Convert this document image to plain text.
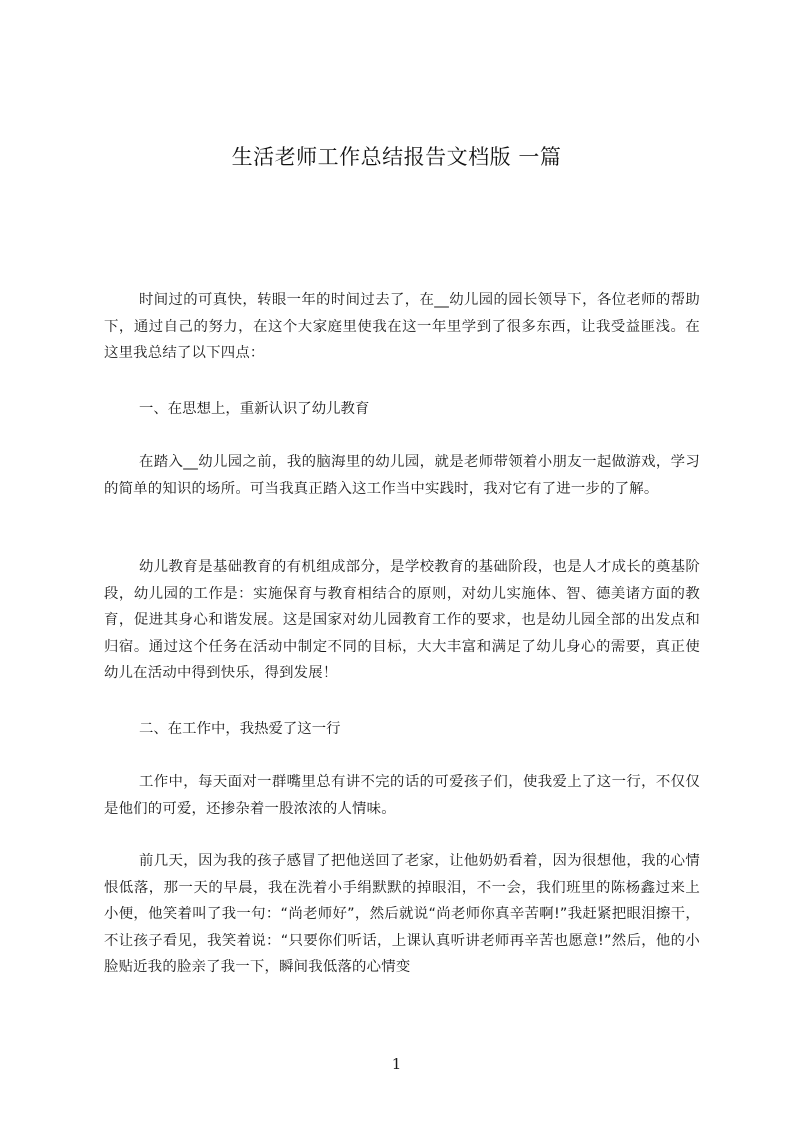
生活老师工作总结报告文档版 一篇

时间过的可真快，转眼一年的时间过去了，在__幼儿园的园长领导下，各位老师的帮助下，通过自己的努力，在这个大家庭里使我在这一年里学到了很多东西，让我受益匪浅。在这里我总结了以下四点：

一、在思想上，重新认识了幼儿教育

在踏入__幼儿园之前，我的脑海里的幼儿园，就是老师带领着小朋友一起做游戏，学习的简单的知识的场所。可当我真正踏入这工作当中实践时，我对它有了进一步的了解。

幼儿教育是基础教育的有机组成部分，是学校教育的基础阶段，也是人才成长的奠基阶段，幼儿园的工作是：实施保育与教育相结合的原则，对幼儿实施体、智、德美诸方面的教育，促进其身心和谐发展。这是国家对幼儿园教育工作的要求，也是幼儿园全部的出发点和归宿。通过这个任务在活动中制定不同的目标，大大丰富和满足了幼儿身心的需要，真正使幼儿在活动中得到快乐，得到发展！

二、在工作中，我热爱了这一行

工作中，每天面对一群嘴里总有讲不完的话的可爱孩子们，使我爱上了这一行，不仅仅是他们的可爱，还掺杂着一股浓浓的人情味。

前几天，因为我的孩子感冒了把他送回了老家，让他奶奶看着，因为很想他，我的心情恨低落，那一天的早晨，我在洗着小手绢默默的掉眼泪，不一会，我们班里的陈杨鑫过来上小便，他笑着叫了我一句：“尚老师好”，然后就说“尚老师你真辛苦啊!”我赶紧把眼泪擦干，不让孩子看见，我笑着说：“只要你们听话，上课认真听讲老师再辛苦也愿意!”然后，他的小脸贴近我的脸亲了我一下，瞬间我低落的心情变

1
